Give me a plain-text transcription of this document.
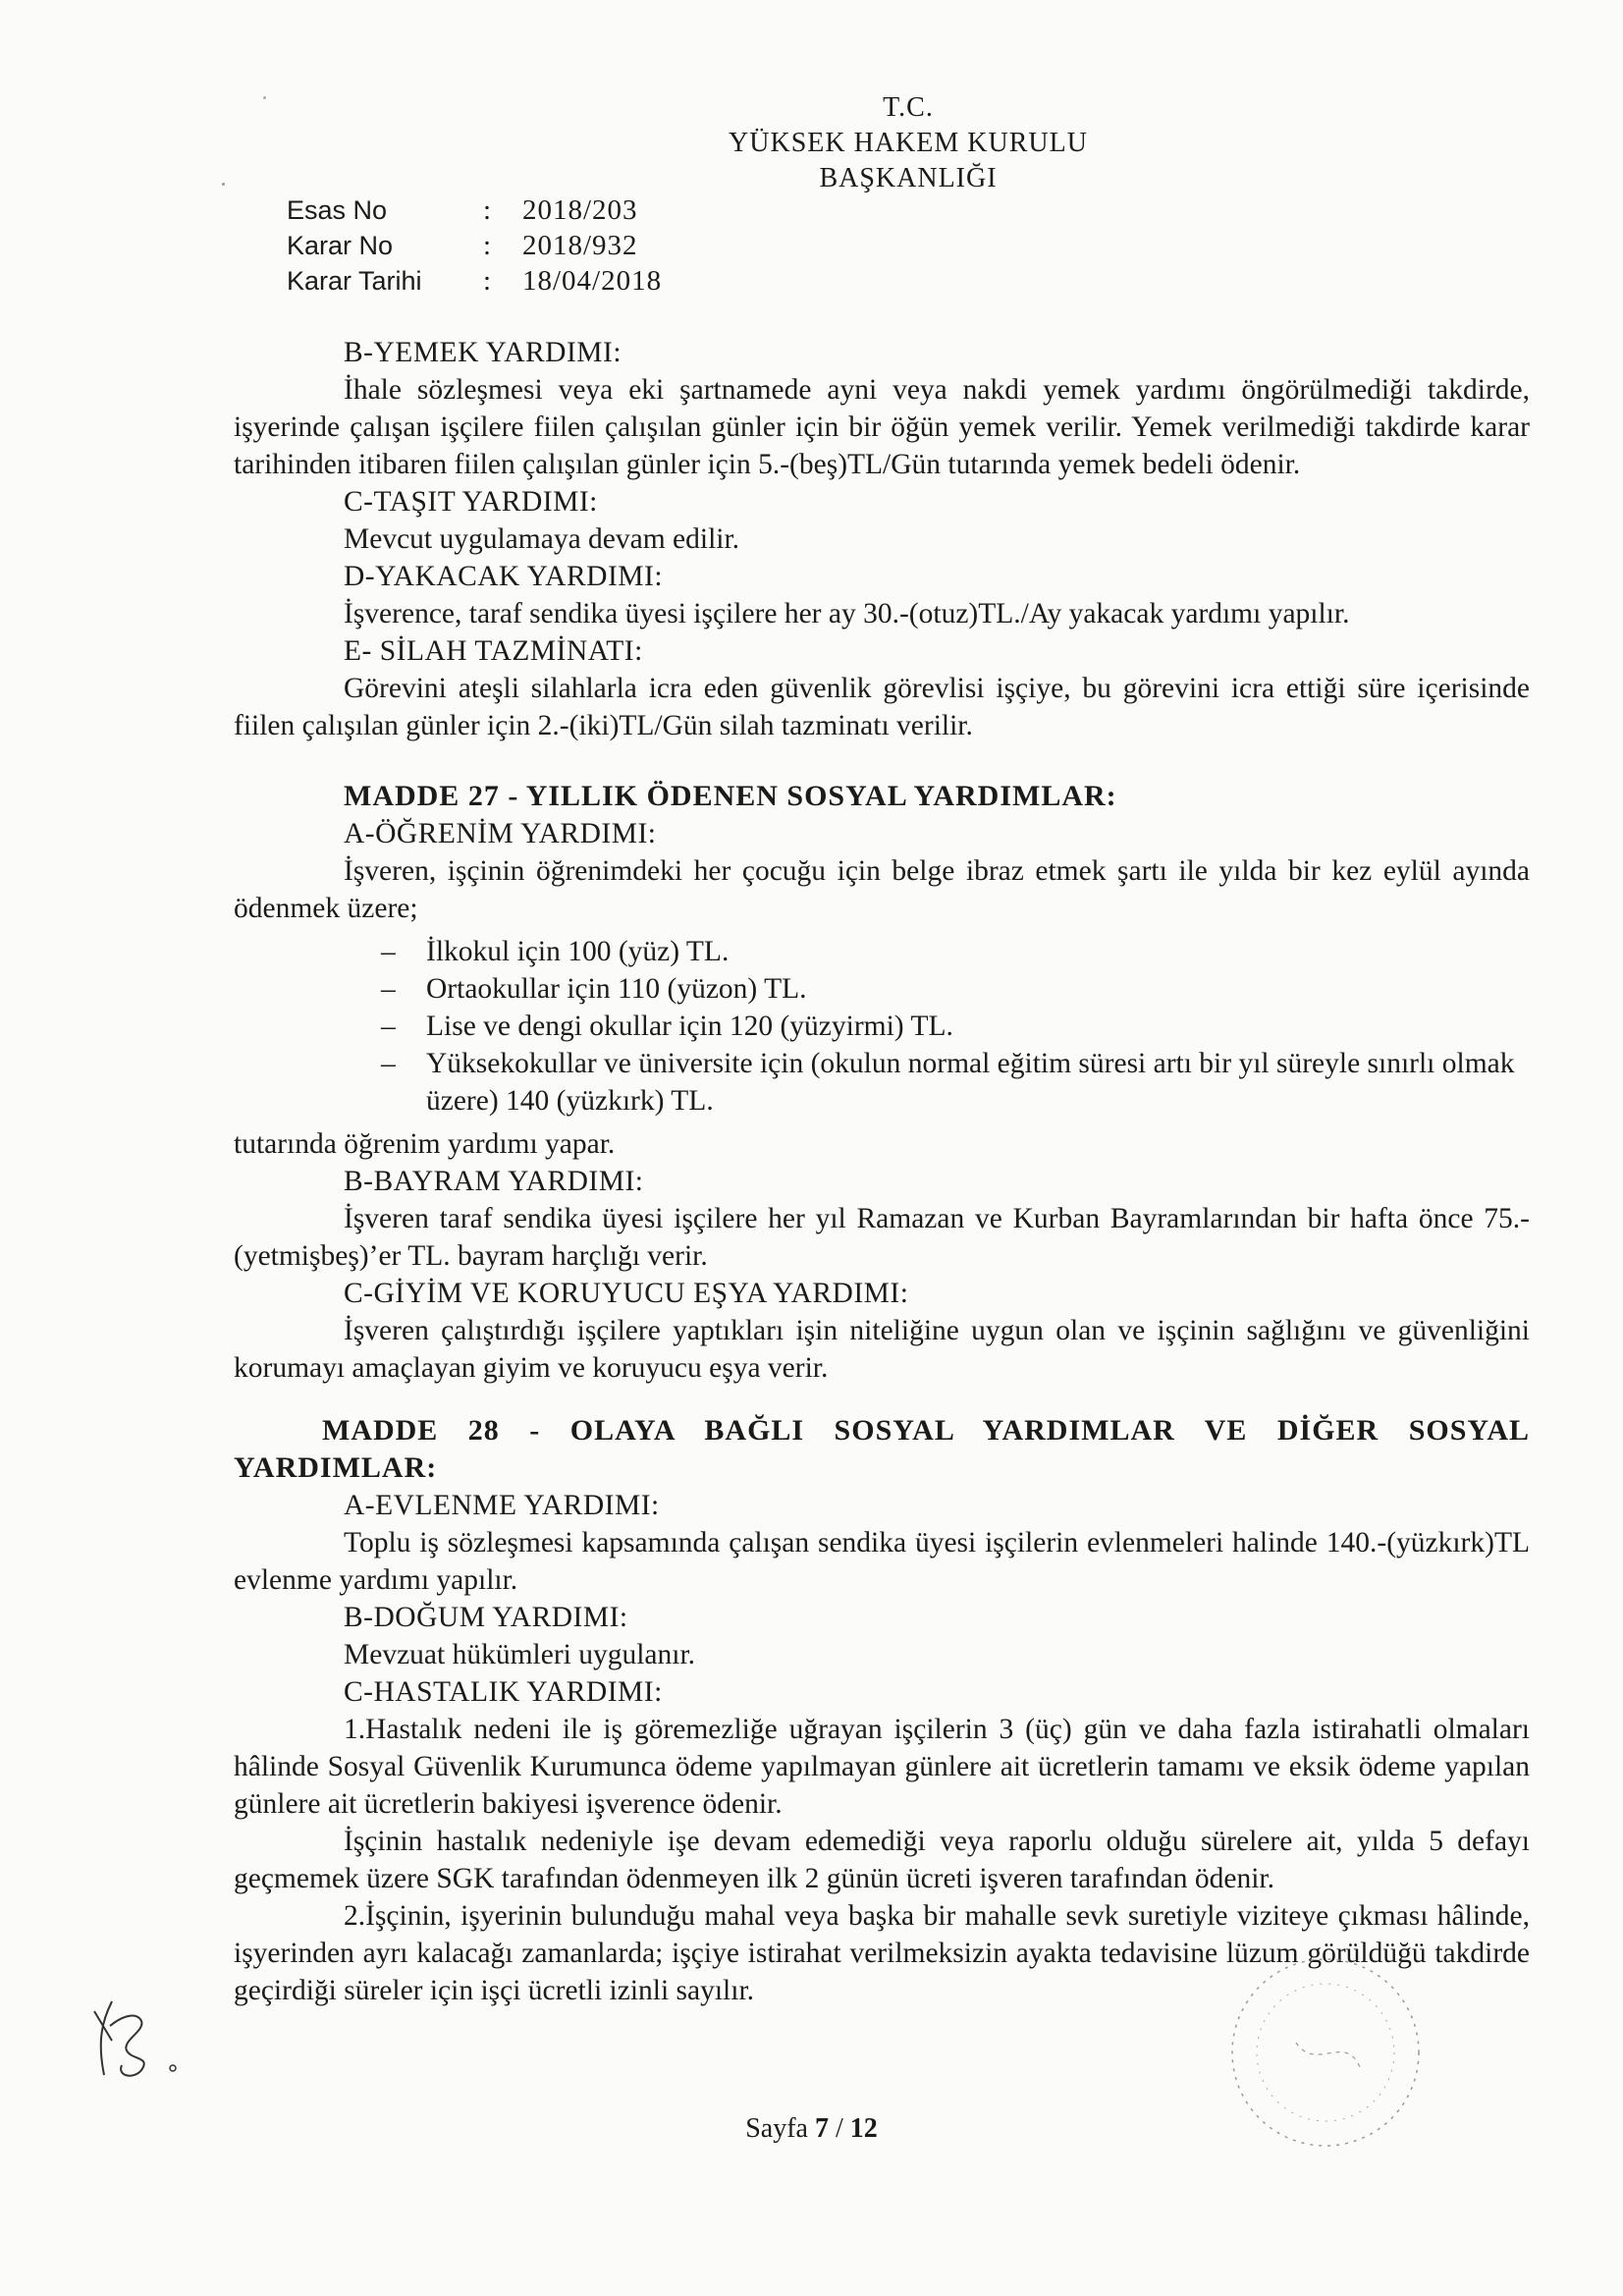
T.C.
YÜKSEK HAKEM KURULU
BAŞKANLIĞI
Esas No	:	2018/203
Karar No	:	2018/932
Karar Tarihi	:	18/04/2018

B-YEMEK YARDIMI:

İhale sözleşmesi veya eki şartnamede ayni veya nakdi yemek yardımı öngörülmediği takdirde, işyerinde çalışan işçilere fiilen çalışılan günler için bir öğün yemek verilir. Yemek verilmediği takdirde karar tarihinden itibaren fiilen çalışılan günler için 5.-(beş)TL/Gün tutarında yemek bedeli ödenir.

C-TAŞIT YARDIMI:

Mevcut uygulamaya devam edilir.

D-YAKACAK YARDIMI:

İşverence, taraf sendika üyesi işçilere her ay 30.-(otuz)TL./Ay yakacak yardımı yapılır.

E- SİLAH TAZMİNATI:

Görevini ateşli silahlarla icra eden güvenlik görevlisi işçiye, bu görevini icra ettiği süre içerisinde fiilen çalışılan günler için 2.-(iki)TL/Gün silah tazminatı verilir.

MADDE 27 - YILLIK ÖDENEN SOSYAL YARDIMLAR:

A-ÖĞRENİM YARDIMI:

İşveren, işçinin öğrenimdeki her çocuğu için belge ibraz etmek şartı ile yılda bir kez eylül ayında ödenmek üzere;

– İlkokul için 100 (yüz) TL.
– Ortaokullar için 110 (yüzon) TL.
– Lise ve dengi okullar için 120 (yüzyirmi) TL.
– Yüksekokullar ve üniversite için (okulun normal eğitim süresi artı bir yıl süreyle sınırlı olmak üzere) 140 (yüzkırk) TL.

tutarında öğrenim yardımı yapar.

B-BAYRAM YARDIMI:

İşveren taraf sendika üyesi işçilere her yıl Ramazan ve Kurban Bayramlarından bir hafta önce 75.-(yetmişbeş)’er TL. bayram harçlığı verir.

C-GİYİM VE KORUYUCU EŞYA YARDIMI:

İşveren çalıştırdığı işçilere yaptıkları işin niteliğine uygun olan ve işçinin sağlığını ve güvenliğini korumayı amaçlayan giyim ve koruyucu eşya verir.

MADDE 28 - OLAYA BAĞLI SOSYAL YARDIMLAR VE DİĞER SOSYAL YARDIMLAR:

A-EVLENME YARDIMI:

Toplu iş sözleşmesi kapsamında çalışan sendika üyesi işçilerin evlenmeleri halinde 140.-(yüzkırk)TL evlenme yardımı yapılır.

B-DOĞUM YARDIMI:

Mevzuat hükümleri uygulanır.

C-HASTALIK YARDIMI:

1.Hastalık nedeni ile iş göremezliğe uğrayan işçilerin 3 (üç) gün ve daha fazla istirahatli olmaları hâlinde Sosyal Güvenlik Kurumunca ödeme yapılmayan günlere ait ücretlerin tamamı ve eksik ödeme yapılan günlere ait ücretlerin bakiyesi işverence ödenir.

İşçinin hastalık nedeniyle işe devam edemediği veya raporlu olduğu sürelere ait, yılda 5 defayı geçmemek üzere SGK tarafından ödenmeyen ilk 2 günün ücreti işveren tarafından ödenir.

2.İşçinin, işyerinin bulunduğu mahal veya başka bir mahalle sevk suretiyle viziteye çıkması hâlinde, işyerinden ayrı kalacağı zamanlarda; işçiye istirahat verilmeksizin ayakta tedavisine lüzum görüldüğü takdirde geçirdiği süreler için işçi ücretli izinli sayılır.

Sayfa 7 / 12
